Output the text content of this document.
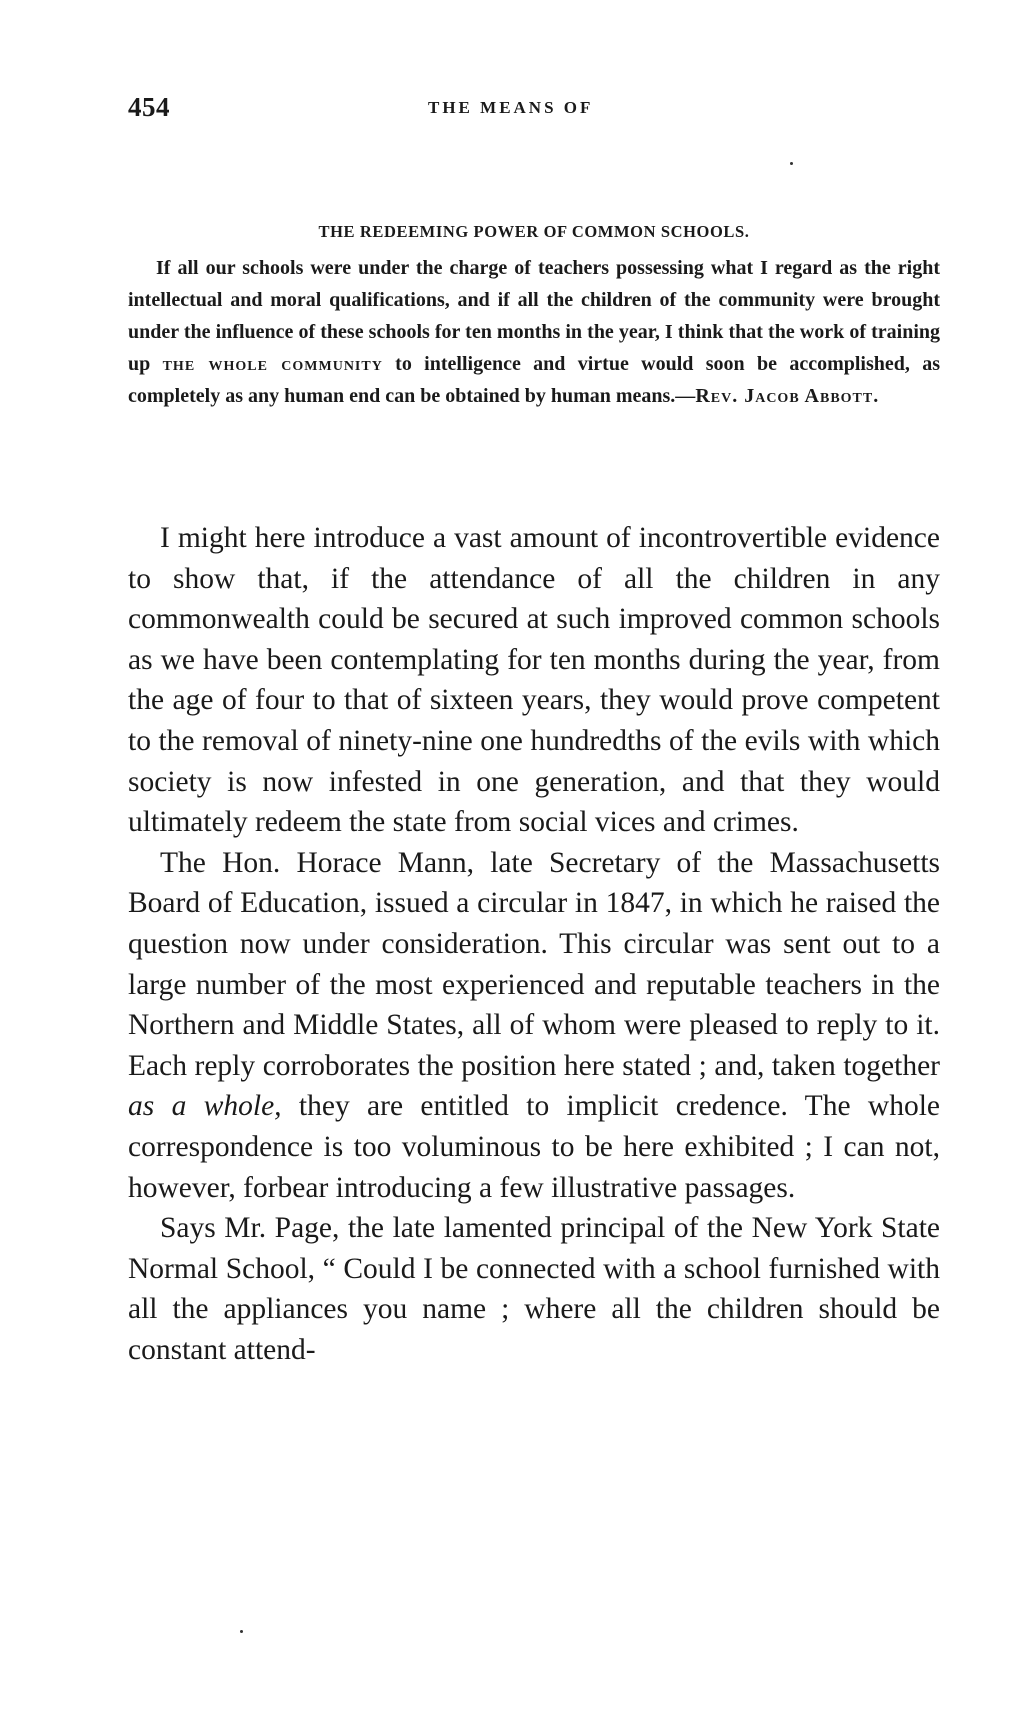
454	THE MEANS OF
THE REDEEMING POWER OF COMMON SCHOOLS.

If all our schools were under the charge of teachers possessing what I regard as the right intellectual and moral qualifications, and if all the children of the community were brought under the influence of these schools for ten months in the year, I think that the work of training up the whole community to intelligence and virtue would soon be accomplished, as completely as any human end can be obtained by human means.—Rev. Jacob Abbott.

I might here introduce a vast amount of incontrovertible evidence to show that, if the attendance of all the children in any commonwealth could be secured at such improved common schools as we have been contemplating for ten months during the year, from the age of four to that of sixteen years, they would prove competent to the removal of ninety-nine one hundredths of the evils with which society is now infested in one generation, and that they would ultimately redeem the state from social vices and crimes.

The Hon. Horace Mann, late Secretary of the Massachusetts Board of Education, issued a circular in 1847, in which he raised the question now under consideration. This circular was sent out to a large number of the most experienced and reputable teachers in the Northern and Middle States, all of whom were pleased to reply to it. Each reply corroborates the position here stated ; and, taken together as a whole, they are entitled to implicit credence. The whole correspondence is too voluminous to be here exhibited ; I can not, however, forbear introducing a few illustrative passages.

Says Mr. Page, the late lamented principal of the New York State Normal School, “ Could I be connected with a school furnished with all the appliances you name ; where all the children should be constant attend-
